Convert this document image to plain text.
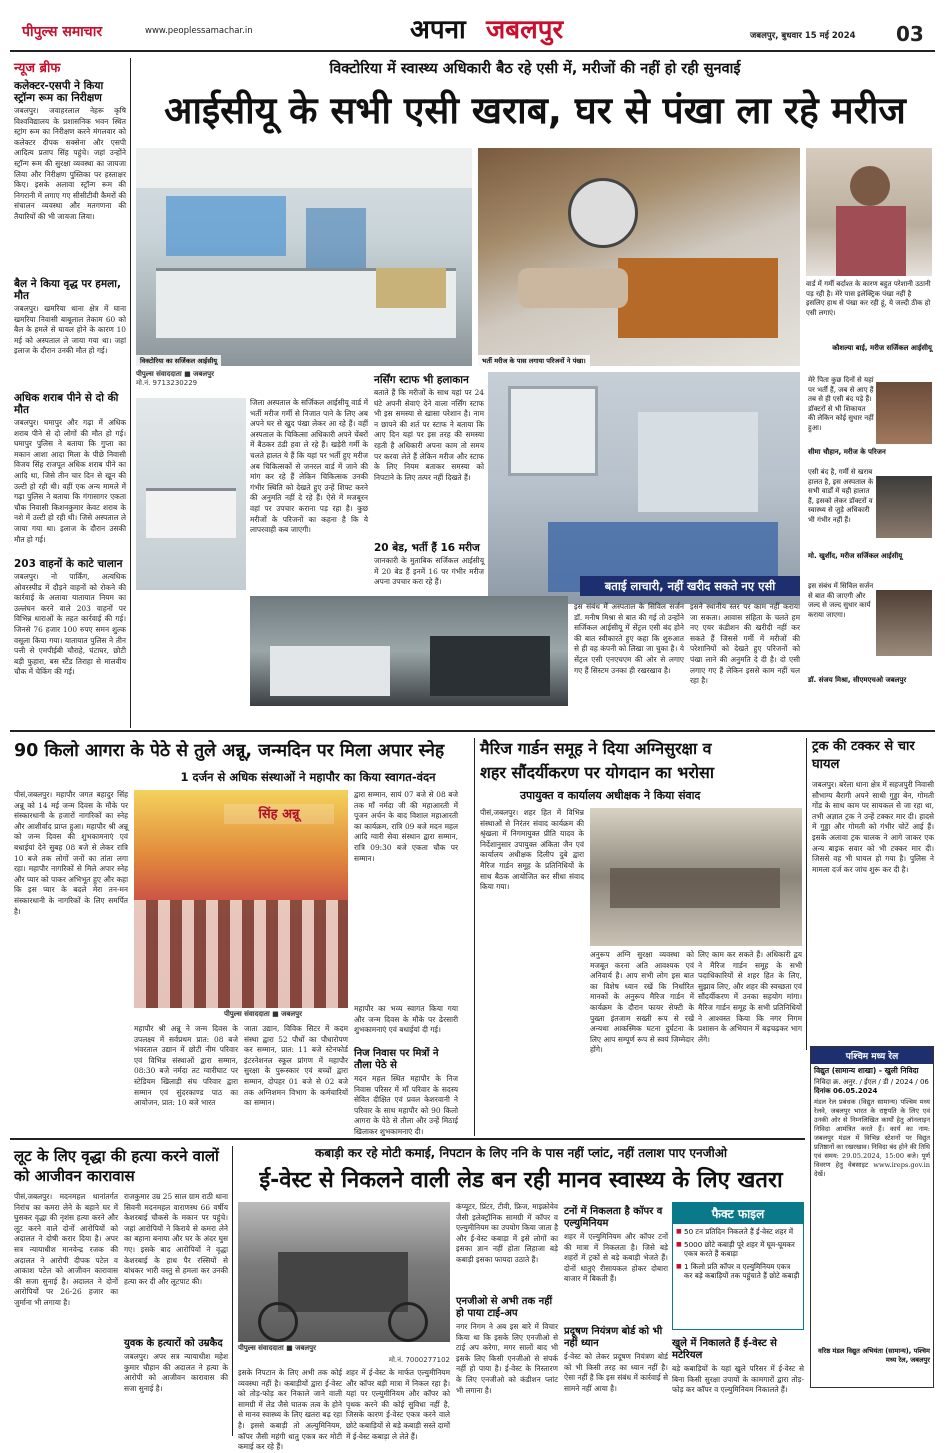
पीपुल्स समाचार	www.peoplessamachar.in	अपना जबलपुर	जबलपुर, बुधवार 15 मई 2024	03
न्यूज ब्रीफ
कलेक्टर-एसपी ने किया स्ट्रॉन्ग रूम का निरीक्षण
जबलपुर। जवाहरलाल नेहरू कृषि विश्वविद्यालय के प्रशासनिक भवन स्थित स्ट्रांग रूम का निरीक्षण करने मंगलवार को कलेक्टर दीपक सक्सेना और एसपी आदित्य प्रताप सिंह पहुंचे। जहां उन्होंने स्ट्रॉन्ग रूम की सुरक्षा व्यवस्था का जायजा लिया और निरीक्षण पुस्तिका पर हस्ताक्षर किए। इसके अलावा स्ट्रॉन्ग रूम की निगरानी में लगाए गए सीसीटीवी कैमरों की संचालन व्यवस्था और मतगणना की तैयारियों की भी जायजा लिया।
बैल ने किया वृद्ध पर हमला, मौत
जबलपुर। खमरिया थाना क्षेत्र में घाना खमरिया निवासी बाबूलाल तेकाम 60 को बैल के हमले से घायल होने के कारण 10 मई को अस्पताल ले जाया गया था। जहां इलाज के दौरान उनकी मौत हो गई।
अधिक शराब पीने से दो की मौत
जबलपुर। घमापुर और गढ़ा में अधिक शराब पीने से दो लोगों की मौत हो गई। घमापुर पुलिस ने बताया कि गुप्ता का मकान आशा आदा मिला के पीछे निवासी विजय सिंह राजपूत अधिक शराब पीने का आदि था, जिसे तीन चार दिन से खून की उल्टी हो रही थी। वहीं एक अन्य मामले में गढ़ा पुलिस ने बताया कि गंगासागर एकता चौक निवासी किशनकुमार केवट शराब के नशे में उल्टी हो रही थी। जिसे अस्पताल ले जाया गया था। इलाज के दौरान उसकी मौत हो गई।
203 वाहनों के काटे चालान
जबलपुर। नो पार्किंग, अत्यधिक ओवरस्पीड में दौड़ने वाहनों को रोकने की कार्रवाई के अलावा यातायात नियम का उल्लंघन करने वाले 203 वाहनों पर विभिन्न धाराओं के तहत कार्रवाई की गई। जिनसे 76 हजार 100 रुपए समन शुल्क वसूला किया गया। यातायात पुलिस ने तीन पत्ती से एमपीईबी चौराहे, घंटाघर, छोटी बड़ी फुहारा, बस स्टैंड तिराहा से मालवीय चौक में चेकिंग की गई।
विक्टोरिया में स्वास्थ्य अधिकारी बैठ रहे एसी में, मरीजों की नहीं हो रही सुनवाई
आईसीयू के सभी एसी खराब, घर से पंखा ला रहे मरीज
विक्टोरिया का सर्जिकल आईसीयू	भर्ती मरीज के पास लगाया परिजनों ने पंखा।
वार्ड में गर्मी बर्दाश्त के कारण बहुत परेशानी उठानी पड़ रही है। मेरे पास इलेक्ट्रिक पंखा नहीं है इसलिए हाथ से पंखा कर रही हूं, ये जल्दी ठीक हो एसी लगाएं।
कौशल्या बाई, मरीज सर्जिकल आईसीयू
पीपुल्स संवाददाता ■ जबलपुर
मो.नं. 9713230229
जिला अस्पताल के सर्जिकल आईसीयू वार्ड में भर्ती मरीज गर्मी से निजात पाने के लिए अब अपने घर से खुद पंखा लेकर आ रहे हैं। वहीं अस्पताल के चिकित्सा अधिकारी अपने चेंबरों में बैठकर ठंडी हवा ले रहे हैं। खड़ेरी गर्मी के चलते हालत ये हैं कि यहां पर भर्ती हुए मरीज अब चिकित्सकों से जनरल वार्ड में जाने की मांग कर रहे हैं लेकिन चिकित्सक उनकी गंभीर स्थिति को देखते हुए उन्हें शिफ्ट करने की अनुमति नहीं दे रहे हैं। ऐसे में मजबूरन वहां पर उपचार कराना पड़ रहा है। कुछ मरीजों के परिजनों का कहना है कि ये लापरवाही कब जाएगी।
नर्सिंग स्टाफ भी हलाकान
बताते हैं कि मरीजों के साथ यहां पर 24 घंटे अपनी सेवाएं देने वाला नर्सिंग स्टाफ भी इस समस्या से खासा परेशान है। नाम न छापने की शर्त पर स्टाफ ने बताया कि आए दिन यहां पर इस तरह की समस्या रहती है अधिकारी अपना काम तो समय पर करवा लेते हैं लेकिन मरीज और स्टाफ के लिए नियम बताकर समस्या को निपटाने के लिए तत्पर नहीं दिखते हैं।
20 बेड, भर्ती हैं 16 मरीज
जानकारी के मुताबिक सर्जिकल आईसीयू में 20 बेड हैं इनमें 16 पर गंभीर मरीज अपना उपचार करा रहे हैं।	बताई लाचारी, नहीं खरीद सकते नए एसी
इस संबंध में अस्पताल के सिविल सर्जन डॉ. मनीष मिश्रा से बात की गई तो उन्होंने सर्जिकल आईसीयू में सेंट्रल एसी बंद होने की बात स्वीकारते हुए कहा कि शुरुआत से ही वह कंपनी को लिखा जा चुका है। ये सेंट्रल एसी एनएचएम की ओर से लगाए गए हैं सिस्टम उनका ही रखरखाव है।
इसने स्थानीय स्तर पर काम नहीं कराया जा सकता। आवास संहिता के चलते हम नए एयर कंडीशन की खरीदी नहीं कर सकते हैं जिससे गर्मी में मरीजों की परेशानियों को देखते हुए परिजनों को पंखा लाने की अनुमति दे दी है। दो एसी लगाए गए हैं लेकिन इससे काम नहीं चल रहा है।
मेरे पिता कुछ दिनों से यहां पर भर्ती हैं, जब से आए हैं तब से ही एसी बंद पड़े हैं। डॉक्टरों से भी शिकायत की लेकिन कोई सुधार नहीं हुआ।
सीमा चौहान, मरीज के परिजन
एसी बंद है, गर्मी से खराब हालत है, इस अस्पताल के सभी वार्डों में यही हालात हैं, इसको लेकर डॉक्टरों व स्वास्थ्य से जुड़े अधिकारी भी गंभीर नहीं हैं।
मो. खुर्शीद, मरीज सर्जिकल आईसीयू
इस संबंध में सिविल सर्जन से बात की जाएगी और जल्द से जल्द सुधार कार्य कराया जाएगा।
डॉ. संजय मिश्रा, सीएमएचओ जबलपुर
90 किलो आगरा के पेठे से तुले अन्नू, जन्मदिन पर मिला अपार स्नेह
1 दर्जन से अधिक संस्थाओं ने महापौर का किया स्वागत-वंदन
पीसं,जबलपुर। महापौर जगत बहादुर सिंह अन्नू को 14 मई जन्म दिवस के मौके पर संस्कारधानी के हजारों नागरिकों का स्नेह और आशीर्वाद प्राप्त हुआ। महापौर श्री अन्नू को जन्म दिवस की शुभकामनाएं एवं बधाईयां देने सुबह 08 बजे से लेकर रात्रि 10 बजे तक लोगों जनों का तांता लगा रहा। महापौर नागरिकों से मिले अपार स्नेह और प्यार को पाकर अभिभूत हुए और कहा कि इस प्यार के बदले मेरा तन-मन संस्कारधानी के नागरिकों के लिए समर्पित है।
सिंह अन्नू
पीपुल्स संवाददाता ■ जबलपुर
महापौर श्री अन्नू ने जन्म दिवस के उपलक्ष्य में सर्वप्रथम प्रात: 08 बजे भंवरताल उद्यान में छोटी नीम परिवार एवं विभिन्न संस्थाओं द्वारा सम्मान, 08:30 बजे नर्मदा तट ग्वारीघाट पर स्टेडियम खिलाड़ी संघ परिवार द्वारा सम्मान एवं सुंदरकाण्ड पाठ का आयोजन, प्रात: 10 बजे भारत
जाता उद्यान, विविक सिटर में कदम संस्था द्वारा 52 पौधों का पौधारोपण कर सम्मान, प्रात: 11 बजे स्टेनफोर्ड इंटरनेशनल स्कूल प्रांगण में महापौर सुरक्षा के पुरूस्कार एवं बच्चों द्वारा सम्मान, दोपहर 01 बजे से 02 बजे तक अग्निशमन विभाग के कर्मचारियों का सम्मान।
द्वारा सम्मान, सायं 07 बजे से 08 बजे तक माँ नर्मदा जी की महाआरती में पूजन अर्चन के बाद विशाल महाआरती का कार्यक्रम, रात्रि 09 बजे मदन महल आदि ग्वारी सेवा संस्थान द्वारा सम्मान, रात्रि 09:30 बजे एकता चौक पर सम्मान।
महापौर का भव्य स्वागत किया गया और जन्म दिवस के मौके पर ढेरसारी शुभकामनाएं एवं बधाईयां दी गई।
निज निवास पर मित्रों ने तौला पेठे से
मदन महल स्थित महापौर के निज निवास परिसर में माँ परिवार के सदस्य सेवित दीक्षित एवं प्रवल केशरवानी ने परिवार के साथ महापौर को 90 किलो आगरा के पेठे से तौला और उन्हें मिठाई खिलाकर शुभकामनाएं दी।
मैरिज गार्डन समूह ने दिया अग्निसुरक्षा व
शहर सौंदर्यीकरण पर योगदान का भरोसा
उपायुक्त व कार्यालय अधीक्षक ने किया संवाद
पीसं,जबलपुर। शहर हित में विभिन्न संस्थाओं से निरंतर संवाद कार्यक्रम की श्रृंखला में निगमायुक्त प्रीति यादव के निर्देशानुसार उपायुक्त अंकिता जैन एवं कार्यालय अधीक्षक दिलीप दुबे द्वारा मैरिज गार्डन समूह के प्रतिनिधियों के साथ बैठक आयोजित कर सीधा संवाद किया गया।
अनुरूप अग्नि सुरक्षा व्यवस्था को मजबूत करना अति आवश्यक एवं अनिवार्य है। आप सभी लोग इस बात का विशेष ध्यान रखें कि निर्धारित मानकों के अनुरूप मैरिज गार्डन में कार्यक्रम के दौरान फायर सेफ्टी के पुख्ता इंतजाम सख्ती रूप से रखें अन्यथा आकस्मिक घटना दुर्घटना के लिए आप सम्पूर्ण रूप से स्वयं जिम्मेदार होंगे।
लिए काम कर सकते हैं। अधिकारी द्वय ने मैरिज गार्डन समूह के सभी पदाधिकारियों से शहर हित के लिए, सुझाव लिए, और शहर की स्वच्छता एवं सौंदर्यीकरण में उनका सहयोग मांगा। मैरिज गार्डन समूह के सभी प्रतिनिधियों ने आश्वस्त किया कि नगर निगम प्रशासन के अभियान में बढ़चढ़कर भाग लेंगे।
ट्रक की टक्कर से चार घायल
जबलपुर। बरेला थाना क्षेत्र में सहजपुरी निवासी सौभाग्य बैरागी अपने साथी गुड्डा बेन, गोमती गोंड के साथ काम पर सायकल से जा रहा था, तभी अज्ञात ट्रक ने उन्हें टक्कर मार दी। हादसे में गुड्डा और गोमती को गंभीर चोटें आई हैं। इसके अलावा ट्रक चालक ने आगे जाकर एक अन्य बाइक सवार को भी टक्कर मार दी। जिससे वह भी घायल हो गया है। पुलिस ने मामला दर्ज कर जांच शुरू कर दी है।
पश्चिम मध्य रेल
विद्युत (सामान्य शाखा) - खुली निविदा
निविदा क्र. अनुर. / ईएल / डी / 2024 / 06
दिनांक 06.05.2024
मंडल रेल प्रबंधक (विद्युत सामान्य) पश्चिम मध्य रेलवे, जबलपुर भारत के राष्ट्रपति के लिए एवं उनकी ओर से निम्नलिखित कार्यों हेतु ऑनलाइन निविदा आमंत्रित करते हैं। कार्य का नाम: जबलपुर मंडल में विभिन्न स्टेशनों पर विद्युत प्रतिष्ठानों का रखरखाव। निविदा बंद होने की तिथि एवं समय: 29.05.2024, 15:00 बजे। पूर्ण विवरण हेतु वेबसाइट www.ireps.gov.in देखें।
वरिष्ठ मंडल विद्युत अभियंता (सामान्य), पश्चिम मध्य रेल, जबलपुर
लूट के लिए वृद्धा की हत्या करने वालों को आजीवन कारावास
पीसं,जबलपुर। मदनमहल थानांतर्गत निरांच का कमरा लेने के बहाने घर में घुसकर वृद्धा की नृशंस हत्या करने और लूट करने वाले दोनों आरोपियों को अदालत ने दोषी करार दिया है। अपर सत्र न्यायाधीश मानवेन्द्र रजक की अदालत ने आरोपी दीपक पटेल व आकाश पटेल को आजीवन कारावास की सजा सुनाई है। अदालत ने दोनों आरोपियों पर 26-26 हजार का जुर्माना भी लगाया है।
राजकुमार उम्र 25 साल ग्राम राठी थाना सिवनी मदनमहल वाराणस्थ 66 वर्षीय केशरबाई चौकसे के मकान पर पहुंचे। जहां आरोपियों ने किराये से कमरा लेने का बहाना बनाया और घर के अंदर घुस गए। इसके बाद आरोपियों ने वृद्धा केशरबाई के हाथ पैर रस्सियों से बांधकर भारी वस्तु से हमला कर उनकी हत्या कर दी और लूटपाट की।
युवक के हत्यारों को उम्रकैद
जबलपुर। अपर सत्र न्यायाधीश महेश कुमार चौहान की अदालत ने हत्या के आरोपी को आजीवन कारावास की सजा सुनाई है।
कबाड़ी कर रहे मोटी कमाई, निपटान के लिए ननि के पास नहीं प्लांट, नहीं तलाश पाए एनजीओ
ई-वेस्ट से निकलने वाली लेड बन रही मानव स्वास्थ्य के लिए खतरा
पीपुल्स संवाददाता ■ जबलपुर
मो.नं. 7000277102
इसके निपटान के लिए अभी तक कोई व्यवस्था नहीं है। कबाड़ीयों द्वारा ई-वेस्ट को तोड़-फोड़ कर निकाले जाने वाली सामग्री में लेड जैसे घातक तत्व के होने से मानव स्वास्थ्य के लिए खतरा बढ़ रहा है। इससे कबाड़ी तो अल्युमिनियम, कॉपर जैसी महंगी धातु एकत्र कर मोटी कमाई कर रहे हैं।
शहर में ई-वेस्ट के मार्फत एल्युमीनियम और कॉपर बड़ी मात्रा में निकल रहा है। यहां पर एल्युमीनियम और कॉपर को पृथक करने की कोई सुविधा नहीं है, जिसके कारण ई-वेस्ट एकत्र करने वाले छोटे कबाड़ियों से बड़े कबाड़ी सस्ते दामों में ई-वेस्ट कबाड़ा ले लेते हैं।
कंप्यूटर, प्रिंटर, टीवी, फ्रिज, माइक्रोवेव जैसी इलेक्ट्रॉनिक सामग्री में कॉपर व एल्युमीनियम का उपयोग किया जाता है और ई-वेस्ट कबाड़ा में इसे लोगों का इसका ज्ञान नहीं होता लिहाजा बड़े कबाड़ी इसका फायदा उठाते हैं।
एनजीओ से अभी तक नहीं हो पाया टाई-अप
नगर निगम ने अब इस बारे में विचार किया था कि इसके लिए एनजीओ से टाई अप करेगा, मगर सालों बाद भी इसके लिए किसी एनजीओ से संपर्क नहीं हो पाया है। ई-वेस्ट के निस्तारण के लिए एनजीओ को कंडीशन प्लांट भी लगाना है।
टनों में निकलता है कॉपर व एल्युमिनियम
शहर में एल्युमिनियम और कॉपर टनों की मात्रा में निकलता है। जिसे बड़े शहरों में ट्रकों से बड़े कबाड़ी भेजते हैं। दोनों धातुएं रीसायकल होकर दोबारा बाजार में बिकती हैं।
प्रदूषण नियंत्रण बोर्ड को भी नहीं ध्यान
ई-वेस्ट को लेकर प्रदूषण नियंत्रण बोर्ड को भी किसी तरह का ध्यान नहीं है। ऐसा नहीं है कि इस संबंध में कार्रवाई से सामने नहीं आया है।
फैक्ट फाइल
■ 50 टन प्रतिदिन निकलते हैं ई-वेस्ट शहर में
■ 5000 छोटे कबाड़ी पूरे शहर में घूम-घूमकर एकत्र करते हैं कबाड़ा
■ 1 किलो प्रति कॉपर व एल्युमिनियम एकत्र कर बड़े कबाड़ियों तक पहुंचाते हैं छोटे कबाड़ी
खुले में निकालते हैं ई-वेस्ट से मटेरियल
बड़े कबाड़ियों के यहां खुले परिसर में ई-वेस्ट से बिना किसी सुरक्षा उपायों के कामगारों द्वारा तोड़-फोड़ कर कॉपर व एल्युमिनियम निकालते हैं।
